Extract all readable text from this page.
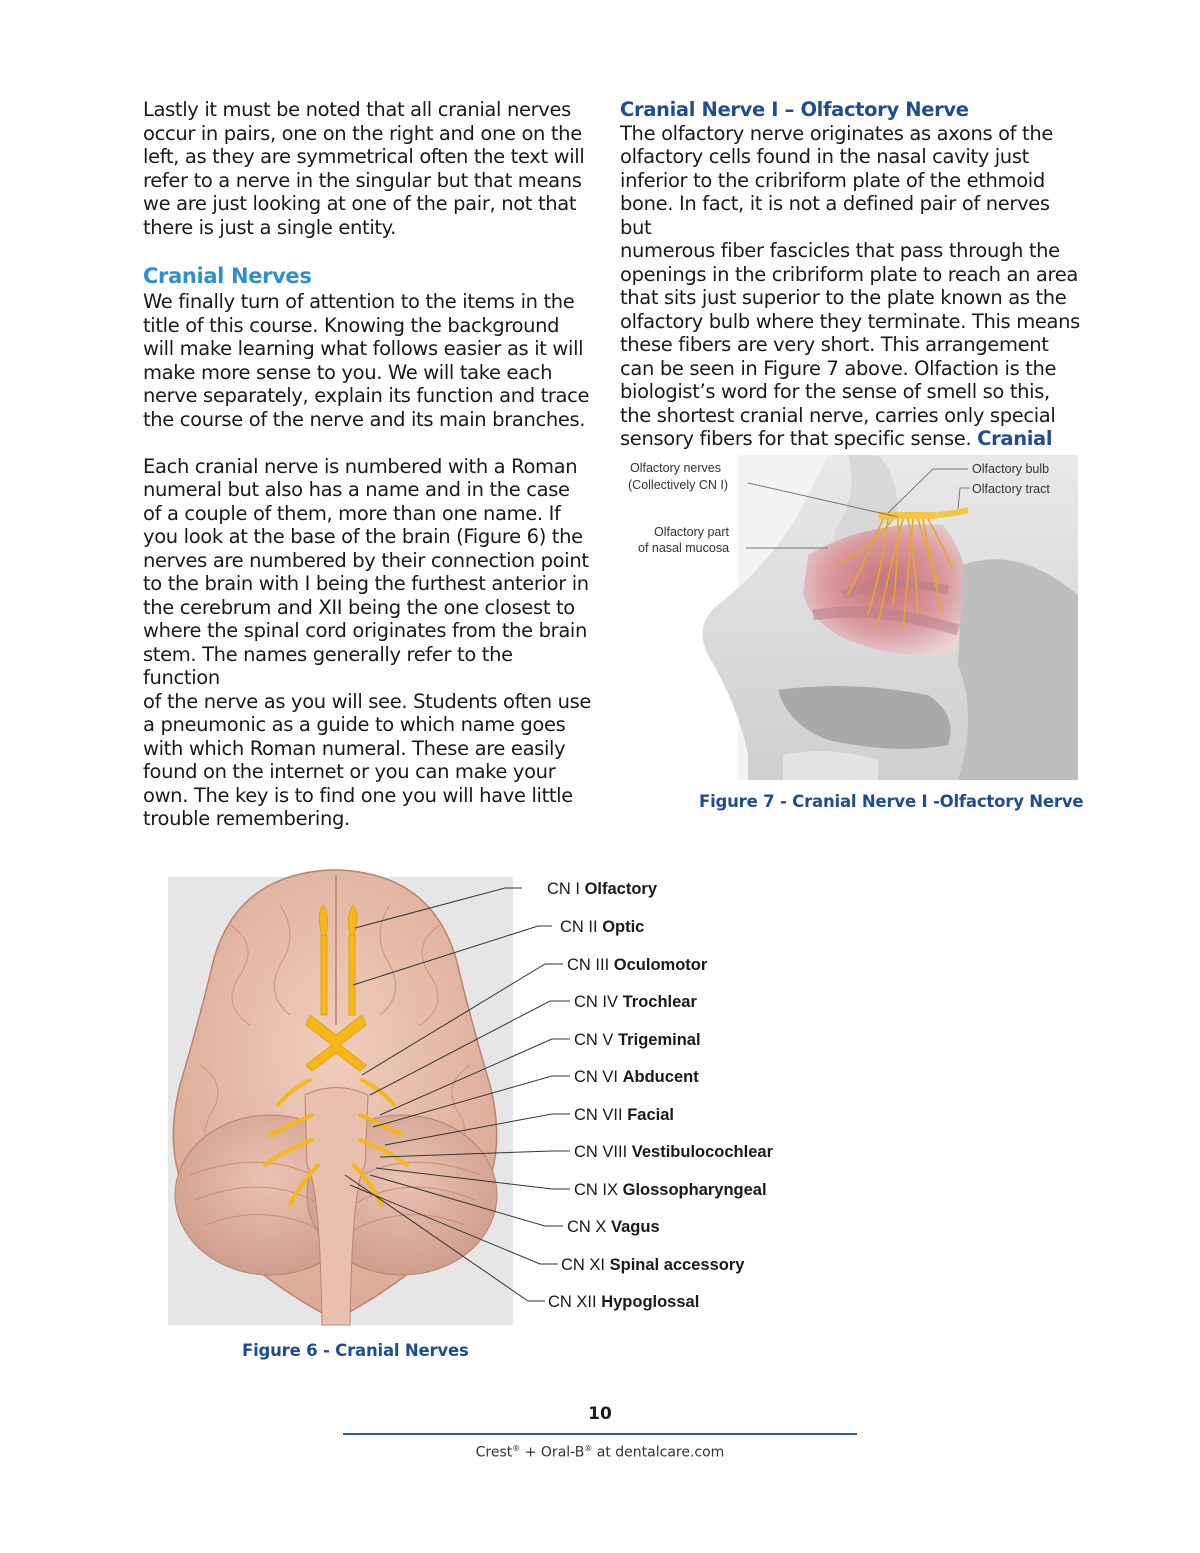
Lastly it must be noted that all cranial nerves
occur in pairs, one on the right and one on the
left, as they are symmetrical often the text will
refer to a nerve in the singular but that means
we are just looking at one of the pair, not that
there is just a single entity.

Cranial Nerves

We finally turn of attention to the items in the
title of this course. Knowing the background
will make learning what follows easier as it will
make more sense to you. We will take each
nerve separately, explain its function and trace
the course of the nerve and its main branches.

Each cranial nerve is numbered with a Roman
numeral but also has a name and in the case
of a couple of them, more than one name. If
you look at the base of the brain (Figure 6) the
nerves are numbered by their connection point
to the brain with I being the furthest anterior in
the cerebrum and XII being the one closest to
where the spinal cord originates from the brain
stem. The names generally refer to the function
of the nerve as you will see. Students often use
a pneumonic as a guide to which name goes
with which Roman numeral. These are easily
found on the internet or you can make your
own. The key is to find one you will have little
trouble remembering.

Cranial Nerve I – Olfactory Nerve

The olfactory nerve originates as axons of the
olfactory cells found in the nasal cavity just
inferior to the cribriform plate of the ethmoid
bone. In fact, it is not a defined pair of nerves but
numerous fiber fascicles that pass through the
openings in the cribriform plate to reach an area
that sits just superior to the plate known as the
olfactory bulb where they terminate. This means
these fibers are very short. This arrangement
can be seen in Figure 7 above. Olfaction is the
biologist’s word for the sense of smell so this,
the shortest cranial nerve, carries only special
sensory fibers for that specific sense. Cranial

Olfactory nerves
(Collectively CN I)
Olfactory part
of nasal mucosa
Olfactory bulb
Olfactory tract
Figure 7 - Cranial Nerve I -Olfactory Nerve
CN I Olfactory
CN II Optic
CN III Oculomotor
CN IV Trochlear
CN V Trigeminal
CN VI Abducent
CN VII Facial
CN VIII Vestibulocochlear
CN IX Glossopharyngeal
CN X Vagus
CN XI Spinal accessory
CN XII Hypoglossal
Figure 6 - Cranial Nerves
10
Crest® + Oral-B® at dentalcare.com
